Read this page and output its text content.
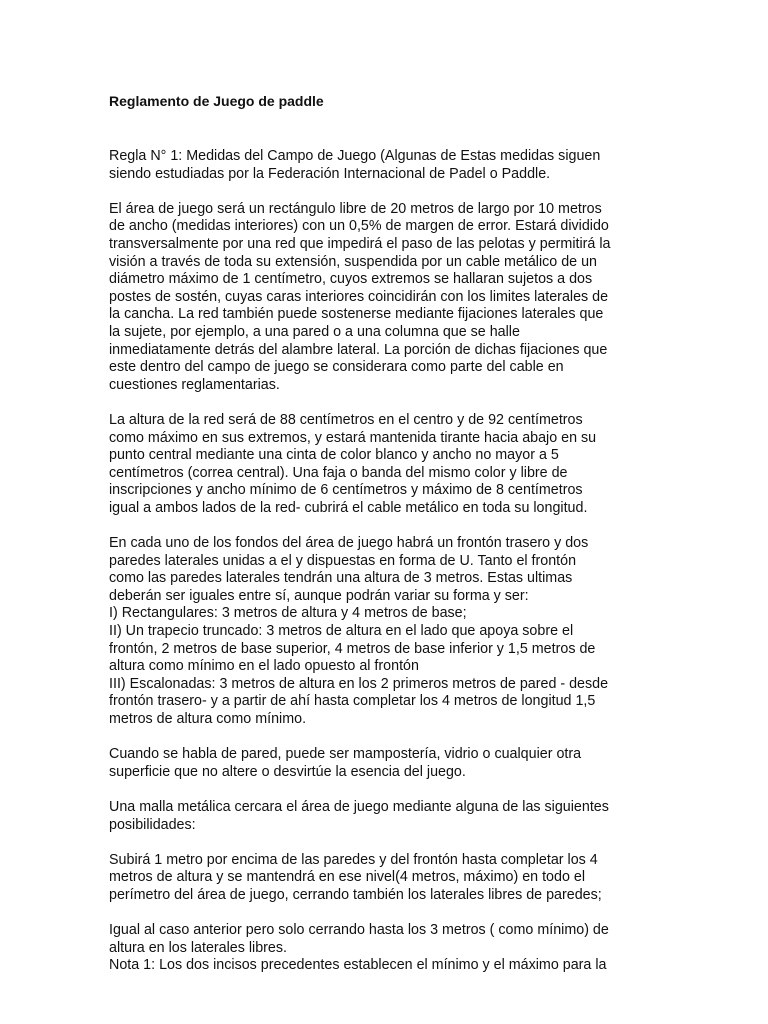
Reglamento de Juego de paddle
Regla N° 1: Medidas del Campo de Juego (Algunas de Estas medidas siguen
siendo estudiadas por la Federación Internacional de Padel o Paddle.
El área de juego será un rectángulo libre de 20 metros de largo por 10 metros
de ancho (medidas interiores) con un 0,5% de margen de error. Estará dividido
transversalmente por una red que impedirá el paso de las pelotas y permitirá la
visión a través de toda su extensión, suspendida por un cable metálico de un
diámetro máximo de 1 centímetro, cuyos extremos se hallaran sujetos a dos
postes de sostén, cuyas caras interiores coincidirán con los limites laterales de
la cancha. La red también puede sostenerse mediante fijaciones laterales que
la sujete, por ejemplo, a una pared o a una columna que se halle
inmediatamente detrás del alambre lateral. La porción de dichas fijaciones que
este dentro del campo de juego se considerara como parte del cable en
cuestiones reglamentarias.
La altura de la red será de 88 centímetros en el centro y de 92 centímetros
como máximo en sus extremos, y estará mantenida tirante hacia abajo en su
punto central mediante una cinta de color blanco y ancho no mayor a 5
centímetros (correa central). Una faja o banda del mismo color y libre de
inscripciones y ancho mínimo de 6 centímetros y máximo de 8 centímetros
igual a ambos lados de la red- cubrirá el cable metálico en toda su longitud.
En cada uno de los fondos del área de juego habrá un frontón trasero y dos
paredes laterales unidas a el y dispuestas en forma de U. Tanto el frontón
como las paredes laterales tendrán una altura de 3 metros. Estas ultimas
deberán ser iguales entre sí, aunque podrán variar su forma y ser:
I) Rectangulares: 3 metros de altura y 4 metros de base;
II) Un trapecio truncado: 3 metros de altura en el lado que apoya sobre el
frontón, 2 metros de base superior, 4 metros de base inferior y 1,5 metros de
altura como mínimo en el lado opuesto al frontón
III) Escalonadas: 3 metros de altura en los 2 primeros metros de pared - desde
frontón trasero- y a partir de ahí hasta completar los 4 metros de longitud 1,5
metros de altura como mínimo.
Cuando se habla de pared, puede ser mampostería, vidrio o cualquier otra
superficie que no altere o desvirtúe la esencia del juego.
Una malla metálica cercara el área de juego mediante alguna de las siguientes
posibilidades:
Subirá 1 metro por encima de las paredes y del frontón hasta completar los 4
metros de altura y se mantendrá en ese nivel(4 metros, máximo) en todo el
perímetro del área de juego, cerrando también los laterales libres de paredes;
Igual al caso anterior pero solo cerrando hasta los 3 metros ( como mínimo) de
altura en los laterales libres.
Nota 1: Los dos incisos precedentes establecen el mínimo y el máximo para la
